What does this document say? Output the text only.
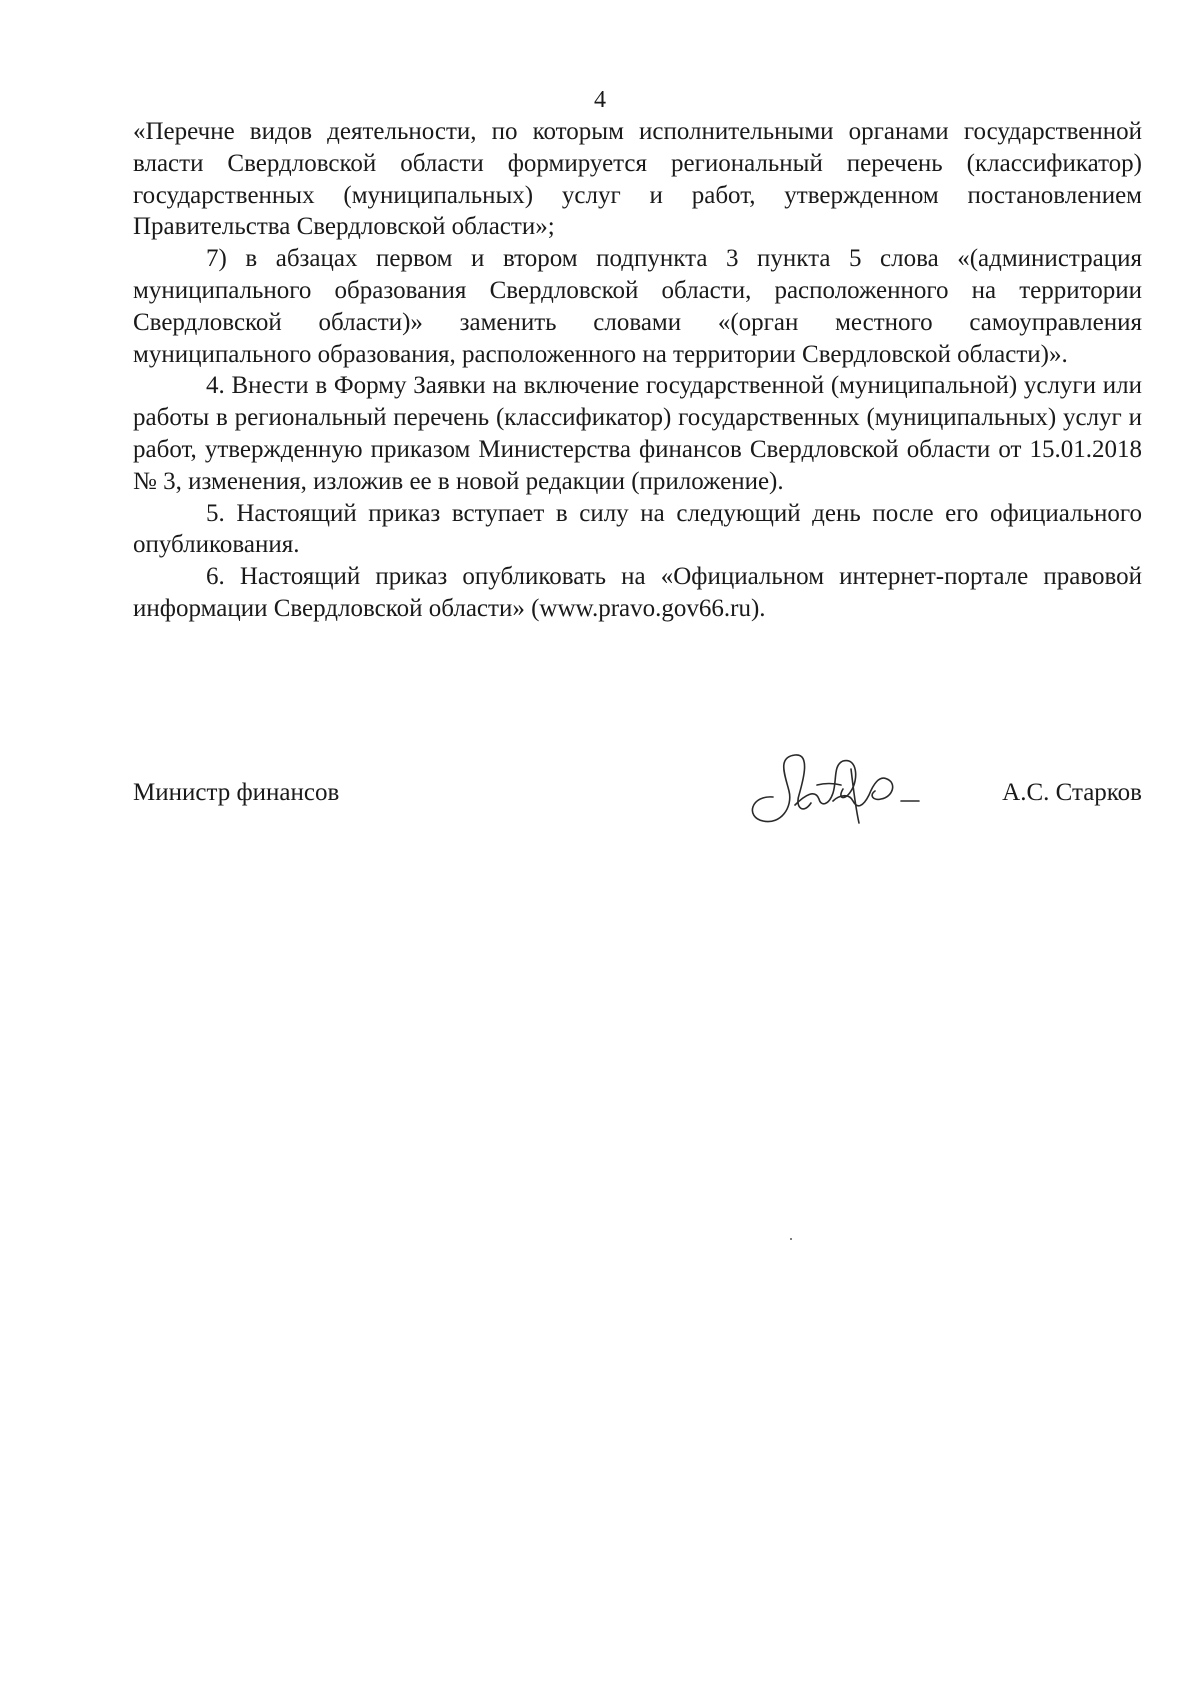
4

«Перечне видов деятельности, по которым исполнительными органами государственной власти Свердловской области формируется региональный перечень (классификатор) государственных (муниципальных) услуг и работ, утвержденном постановлением Правительства Свердловской области»;

7) в абзацах первом и втором подпункта 3 пункта 5 слова «(администрация муниципального образования Свердловской области, расположенного на территории Свердловской области)» заменить словами «(орган местного самоуправления муниципального образования, расположенного на территории Свердловской области)».

4. Внести в Форму Заявки на включение государственной (муниципальной) услуги или работы в региональный перечень (классификатор) государственных (муниципальных) услуг и работ, утвержденную приказом Министерства финансов Свердловской области от 15.01.2018 № 3, изменения, изложив ее в новой редакции (приложение).

5. Настоящий приказ вступает в силу на следующий день после его официального опубликования.

6. Настоящий приказ опубликовать на «Официальном интернет-портале правовой информации Свердловской области» (www.pravo.gov66.ru).

Министр финансов	А.С. Старков
